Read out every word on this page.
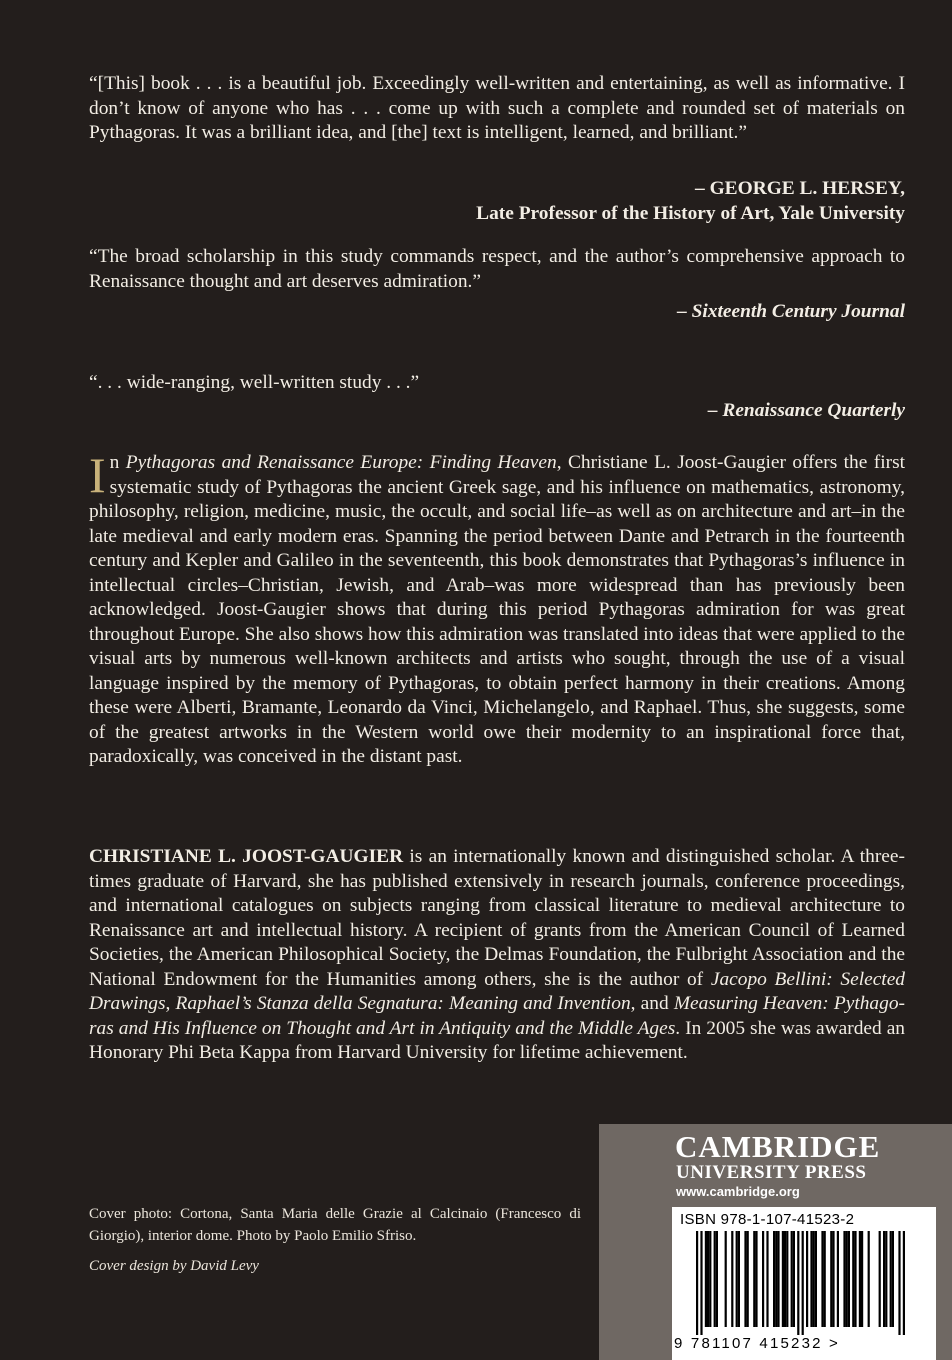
“[This] book . . . is a beautiful job. Exceedingly well-written and entertaining, as well as informative. I don’t know of anyone who has . . . come up with such a complete and rounded set of materials on Pythagoras. It was a brilliant idea, and [the] text is intelligent, learned, and brilliant.”

– GEORGE L. HERSEY,

Late Professor of the History of Art, Yale University

“The broad scholarship in this study commands respect, and the author’s comprehensive approach to Renaissance thought and art deserves admiration.”

– Sixteenth Century Journal

“. . . wide-ranging, well-written study . . .”

– Renaissance Quarterly

In Pythagoras and Renaissance Europe: Finding Heaven, Christiane L. Joost-Gaugier offers the first systematic study of Pythagoras the ancient Greek sage, and his influence on mathematics, astronomy, philosophy, religion, medicine, music, the occult, and social life–as well as on architecture and art–in the late medieval and early modern eras. Spanning the period between Dante and Petrarch in the fourteenth century and Kepler and Galileo in the seventeenth, this book demonstrates that Pythagoras’s influence in intellectual circles–Christian, Jewish, and Arab–was more widespread than has previously been acknowledged. Joost-Gaugier shows that during this period Pythagoras admiration for was great throughout Europe. She also shows how this admiration was translated into ideas that were applied to the visual arts by numerous well-known architects and artists who sought, through the use of a visual language inspired by the memory of Pythagoras, to obtain perfect harmony in their creations. Among these were Alberti, Bramante, Leonardo da Vinci, Michelangelo, and Raphael. Thus, she suggests, some of the greatest artworks in the Western world owe their modernity to an inspirational force that, paradoxically, was conceived in the distant past.

CHRISTIANE L. JOOST-GAUGIER is an internationally known and distinguished scholar. A three-times graduate of Harvard, she has published extensively in research journals, conference proceedings, and international catalogues on subjects ranging from classical literature to medieval architecture to Renaissance art and intellectual history. A recipient of grants from the American Council of Learned Societies, the American Philosophical Society, the Delmas Foundation, the Fulbright Association and the National Endowment for the Humanities among others, she is the author of Jacopo Bellini: Selected Drawings, Raphael’s Stanza della Segnatura: Meaning and Invention, and Measuring Heaven: Pythagoras and His Influence on Thought and Art in Antiquity and the Middle Ages. In 2005 she was awarded an Honorary Phi Beta Kappa from Harvard University for lifetime achievement.

Cover photo: Cortona, Santa Maria delle Grazie al Calcinaio (Francesco di Giorgio), interior dome. Photo by Paolo Emilio Sfriso.

Cover design by David Levy

CAMBRIDGE
UNIVERSITY PRESS
www.cambridge.org
ISBN 978-1-107-41523-2
9 781107 415232 >
